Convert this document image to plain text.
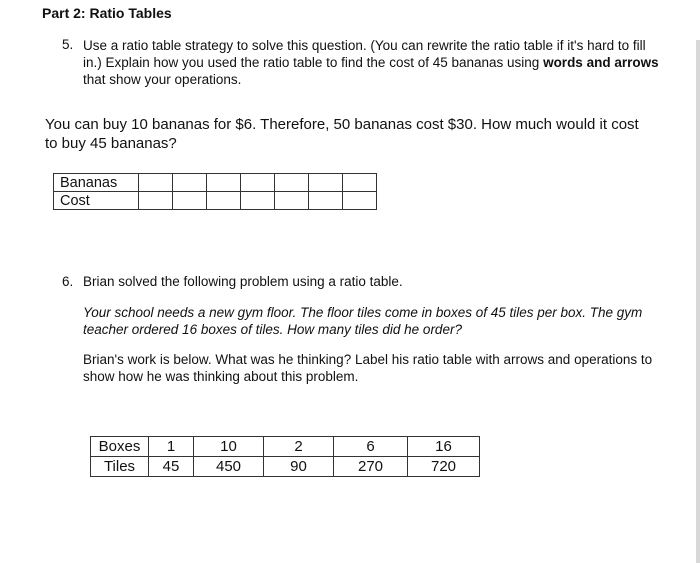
Part 2: Ratio Tables
5. Use a ratio table strategy to solve this question. (You can rewrite the ratio table if it's hard to fill in.) Explain how you used the ratio table to find the cost of 45 bananas using words and arrows that show your operations.
You can buy 10 bananas for $6. Therefore, 50 bananas cost $30. How much would it cost to buy 45 bananas?
Bananas							
Cost							
6. Brian solved the following problem using a ratio table.
Your school needs a new gym floor. The floor tiles come in boxes of 45 tiles per box. The gym teacher ordered 16 boxes of tiles. How many tiles did he order?
Brian's work is below. What was he thinking? Label his ratio table with arrows and operations to show how he was thinking about this problem.
Boxes	1	10	2	6	16
Tiles	45	450	90	270	720
